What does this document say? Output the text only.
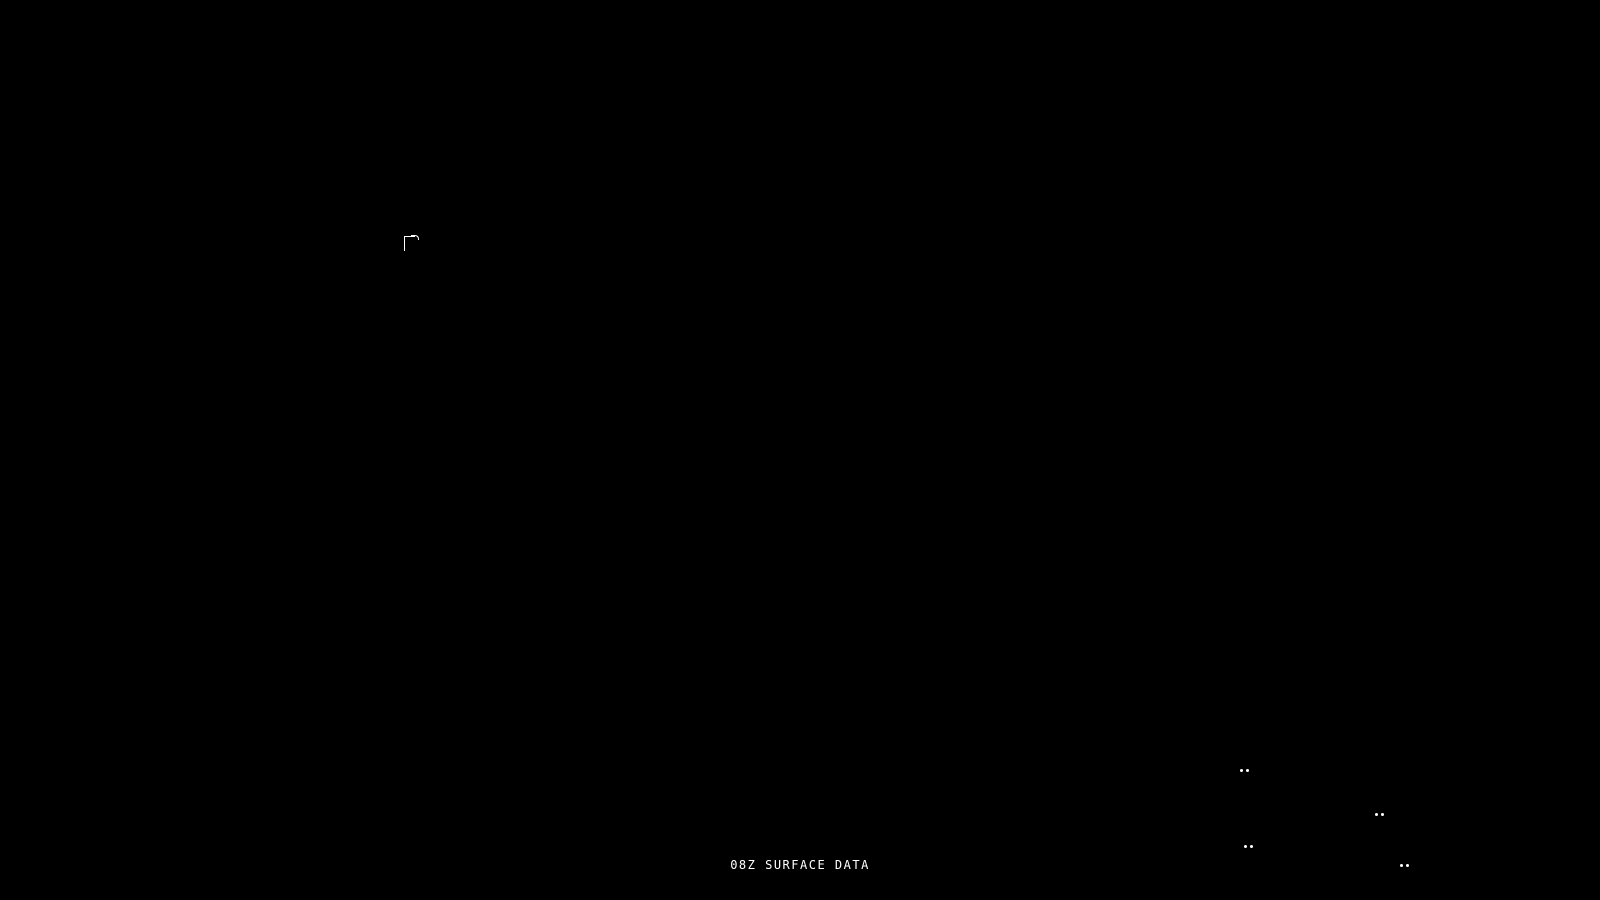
08Z SURFACE DATA
